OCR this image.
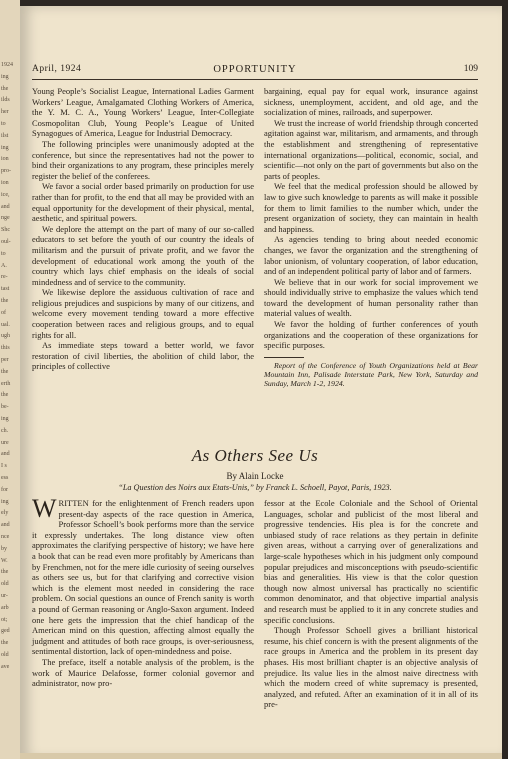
1924
ing
the
ilds
her
to
ilst
ing
ion
pro-
ion
ice,
and
nge
Shc
oul-
to
A.
re-
tast
the
of
ual.
ugh
this
per
the
erth
the
be-
ing
ch.
ure
and
I s
ess
for
ing
ely
and
nce
by
W.
the
old
ur-
arb
ot;
ged
the
old
ave
April, 1924	OPPORTUNITY	109

Young People’s Socialist League, International Ladies Garment Workers’ League, Amalgamated Clothing Workers of America, the Y. M. C. A., Young Workers’ League, Inter-Collegiate Cosmopolitan Club, Young People’s League of United Synagogues of America, League for Industrial Democracy.

The following principles were unanimously adopted at the conference, but since the representatives had not the power to bind their organizations to any program, these principles merely register the belief of the conferees.

We favor a social order based primarily on production for use rather than for profit, to the end that all may be provided with an equal opportunity for the development of their physical, mental, aesthetic, and spiritual powers.

We deplore the attempt on the part of many of our so-called educators to set before the youth of our country the ideals of militarism and the pursuit of private profit, and we favor the development of educational work among the youth of the country which lays chief emphasis on the ideals of social mindedness and of service to the community.

We likewise deplore the assiduous cultivation of race and religious prejudices and suspicions by many of our citizens, and welcome every movement tending toward a more effective cooperation between races and religious groups, and to equal rights for all.

As immediate steps toward a better world, we favor restoration of civil liberties, the abolition of child labor, the principles of collective

bargaining, equal pay for equal work, insurance against sickness, unemployment, accident, and old age, and the socialization of mines, railroads, and superpower.

We trust the increase of world friendship through concerted agitation against war, militarism, and armaments, and through the establishment and strengthening of representative international organizations—political, economic, social, and scientific—not only on the part of governments but also on the parts of peoples.

We feel that the medical profession should be allowed by law to give such knowledge to parents as will make it possible for them to limit families to the number which, under the present organization of society, they can maintain in health and happiness.

As agencies tending to bring about needed economic changes, we favor the organization and the strengthening of labor unionism, of voluntary cooperation, of labor education, and of an independent political party of labor and of farmers.

We believe that in our work for social improvement we should individually strive to emphasize the values which tend toward the development of human personality rather than material values of wealth.

We favor the holding of further conferences of youth organizations and the cooperation of these organizations for specific purposes.

Report of the Conference of Youth Organizations held at Bear Mountain Inn, Palisade Interstate Park, New York, Saturday and Sunday, March 1-2, 1924.

As Others See Us
By Alain Locke
“La Question des Noirs aux Etats-Unis,” by Franck L. Schoell, Payot, Paris, 1923.

WRITTEN for the enlightenment of French readers upon present-day aspects of the race question in America, Professor Schoell’s book performs more than the service it expressly undertakes. The long distance view often approximates the clarifying perspective of history; we have here a book that can be read even more profitably by Americans than by Frenchmen, not for the mere idle curiosity of seeing ourselves as others see us, but for that clarifying and corrective vision which is the element most needed in considering the race problem. On social questions an ounce of French sanity is worth a pound of German reasoning or Anglo-Saxon argument. Indeed one here gets the impression that the chief handicap of the American mind on this question, affecting almost equally the judgment and attitudes of both race groups, is over-seriousness, sentimental distortion, lack of open-mindedness and poise.

The preface, itself a notable analysis of the problem, is the work of Maurice Delafosse, former colonial governor and administrator, now pro-

fessor at the Ecole Coloniale and the School of Oriental Languages, scholar and publicist of the most liberal and progressive tendencies. His plea is for the concrete and unbiased study of race relations as they pertain in definite given areas, without a carrying over of generalizations and large-scale hypotheses which in his judgment only compound popular prejudices and misconceptions with pseudo-scientific bias and generalities. His view is that the color question though now almost universal has practically no scientific common denominator, and that objective impartial analysis and research must be applied to it in any concrete studies and specific conclusions.

Though Professor Schoell gives a brilliant historical resume, his chief concern is with the present alignments of the race groups in America and the problem in its present day phases. His most brilliant chapter is an objective analysis of prejudice. Its value lies in the almost naive directness with which the modern creed of white supremacy is presented, analyzed, and refuted. After an examination of it in all of its pre-
